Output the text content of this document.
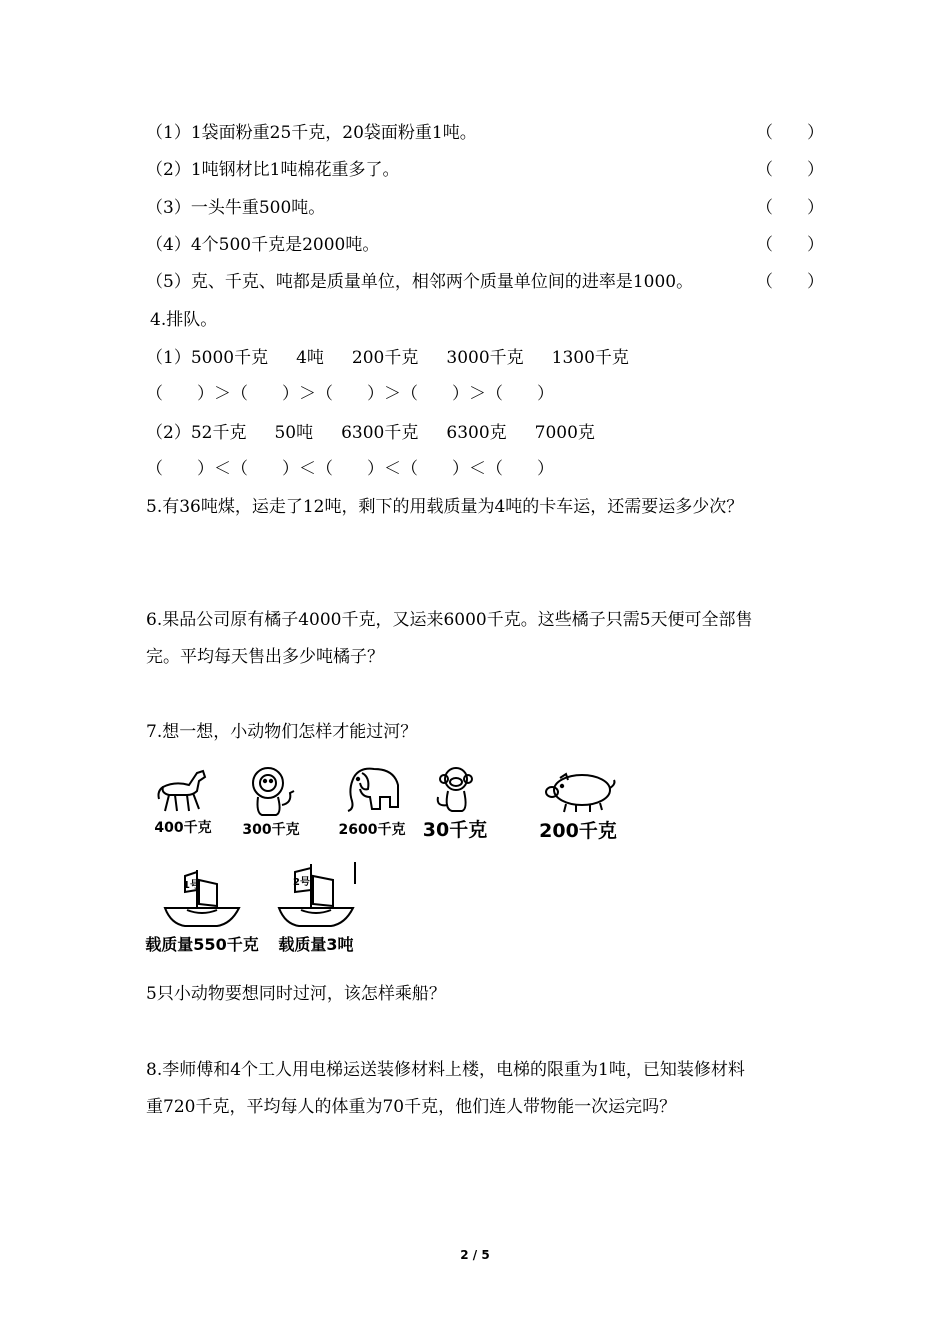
（1）1袋面粉重25千克，20袋面粉重1吨。	（　　）
（2）1吨钢材比1吨棉花重多了。	（　　）
（3）一头牛重500吨。	（　　）
（4）4个500千克是2000吨。	（　　）
（5）克、千克、吨都是质量单位，相邻两个质量单位间的进率是1000。	（　　）
4.排队。
（1）5000千克 4吨 200千克 3000千克 1300千克
（　　）＞（　　）＞（　　）＞（　　）＞（　　）
（2）52千克 50吨 6300千克 6300克 7000克
（　　）＜（　　）＜（　　）＜（　　）＜（　　）
5.有36吨煤，运走了12吨，剩下的用载质量为4吨的卡车运，还需要运多少次？
6.果品公司原有橘子4000千克，又运来6000千克。这些橘子只需5天便可全部售
完。平均每天售出多少吨橘子？
7.想一想，小动物们怎样才能过河？
400千克	300千克	2600千克 30千克	200千克
1号
载质量550千克
2号
载质量3吨
5只小动物要想同时过河，该怎样乘船？
8.李师傅和4个工人用电梯运送装修材料上楼，电梯的限重为1吨，已知装修材料
重720千克，平均每人的体重为70千克，他们连人带物能一次运完吗？
2 / 5
